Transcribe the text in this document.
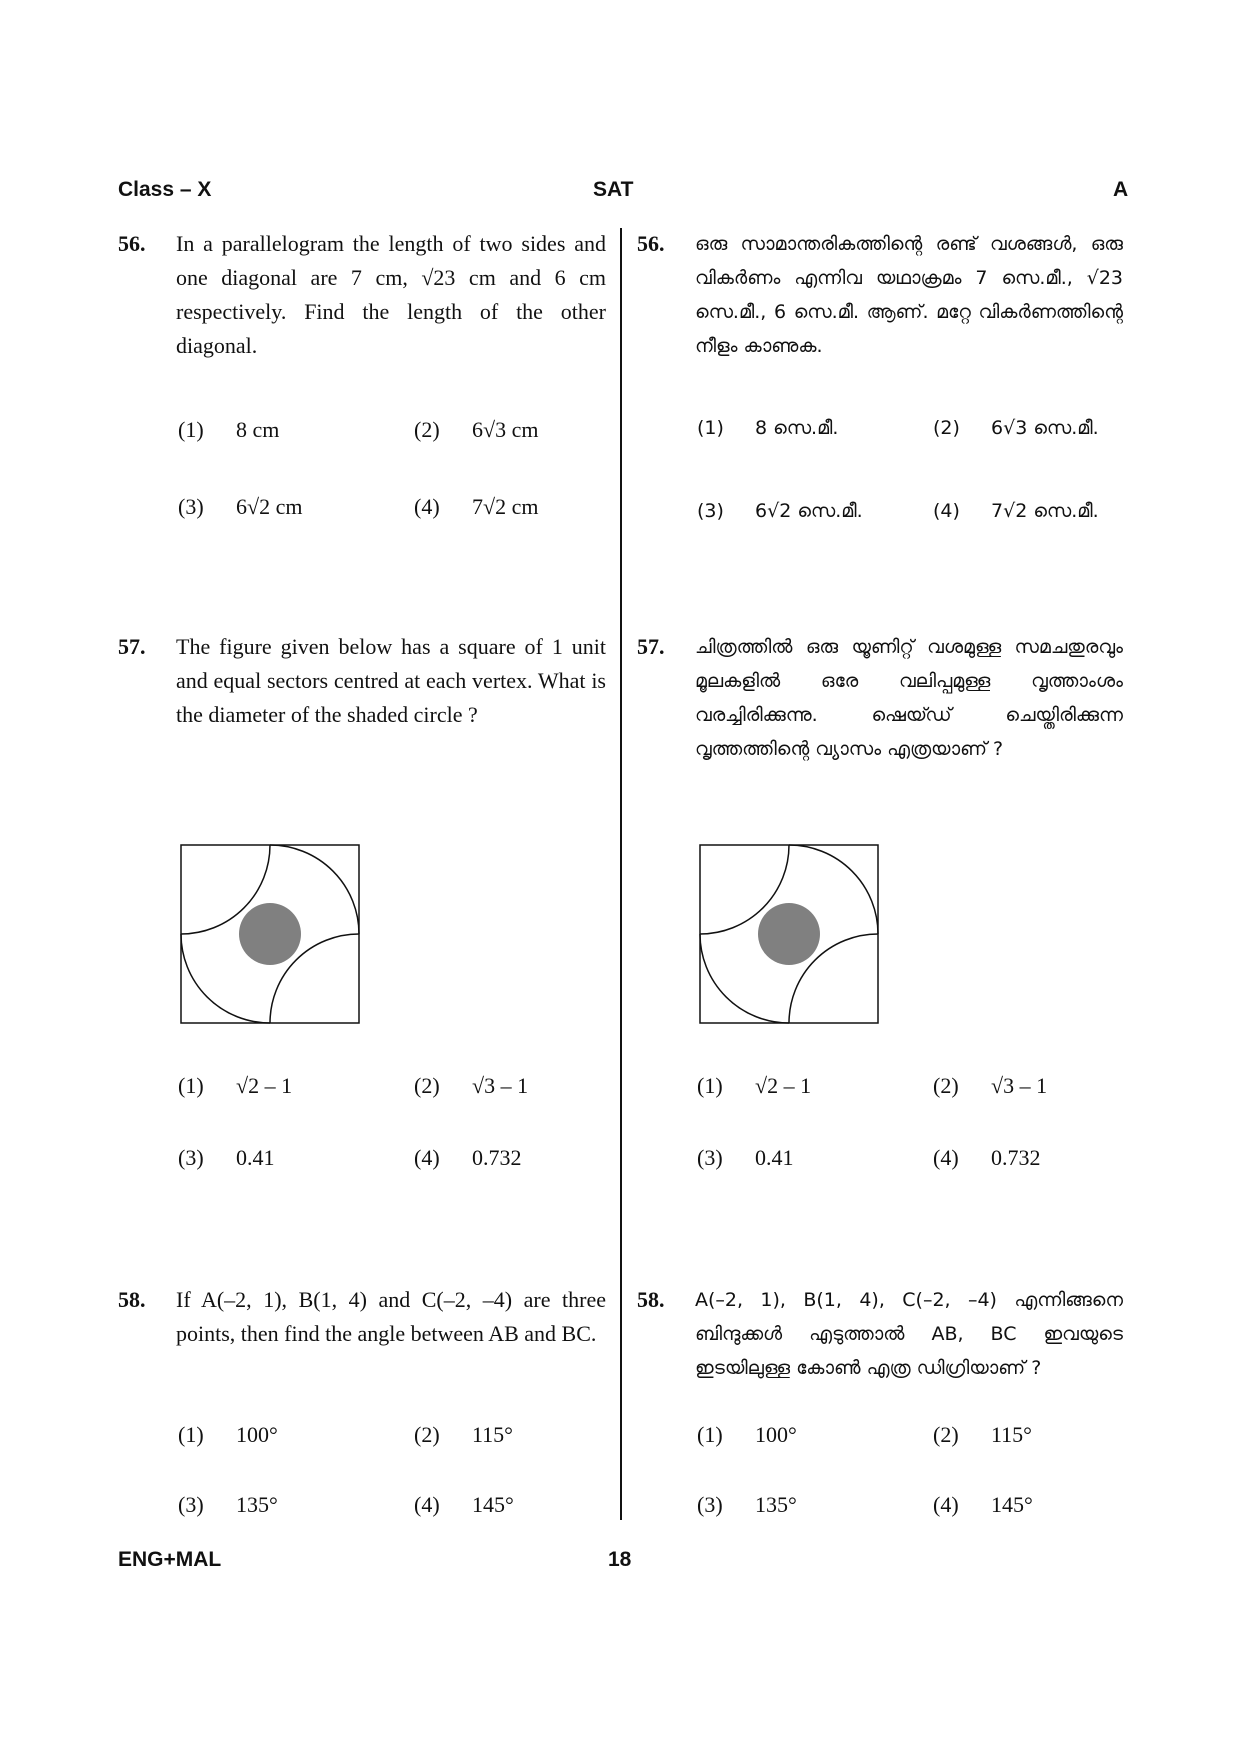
Class – X	SAT	A
56. In a parallelogram the length of two sides and one diagonal are 7 cm, √23 cm and 6 cm respectively. Find the length of the other diagonal.
(1) 8 cm	(2) 6√3 cm
(3) 6√2 cm	(4) 7√2 cm
57. The figure given below has a square of 1 unit and equal sectors centred at each vertex. What is the diameter of the shaded circle ?
(1) √2 – 1	(2) √3 – 1
(3) 0.41	(4) 0.732
58. If A(–2, 1), B(1, 4) and C(–2, –4) are three points, then find the angle between AB and BC.
(1) 100°	(2) 115°
(3) 135°	(4) 145°
56. ഒരു സാമാന്തരികത്തിന്റെ രണ്ട് വശങ്ങൾ, ഒരു വികർണം എന്നിവ യഥാക്രമം 7 സെ.മീ., √23 സെ.മീ., 6 സെ.മീ. ആണ്. മറ്റേ വികർണത്തിന്റെ നീളം കാണുക.
(1) 8 സെ.മീ.	(2) 6√3 സെ.മീ.
(3) 6√2 സെ.മീ.	(4) 7√2 സെ.മീ.
57. ചിത്രത്തിൽ ഒരു യൂണിറ്റ് വശമുള്ള സമചതുരവും മൂലകളിൽ ഒരേ വലിപ്പമുള്ള വൃത്താംശം വരച്ചിരിക്കുന്നു. ഷെയ്ഡ് ചെയ്തിരിക്കുന്ന വൃത്തത്തിന്റെ വ്യാസം എത്രയാണ് ?
(1) √2 – 1	(2) √3 – 1
(3) 0.41	(4) 0.732
58. A(–2, 1), B(1, 4), C(–2, –4) എന്നിങ്ങനെ ബിന്ദുക്കൾ എടുത്താൽ AB, BC ഇവയുടെ ഇടയിലുള്ള കോൺ എത്ര ഡിഗ്രിയാണ് ?
(1) 100°	(2) 115°
(3) 135°	(4) 145°
ENG+MAL	18
